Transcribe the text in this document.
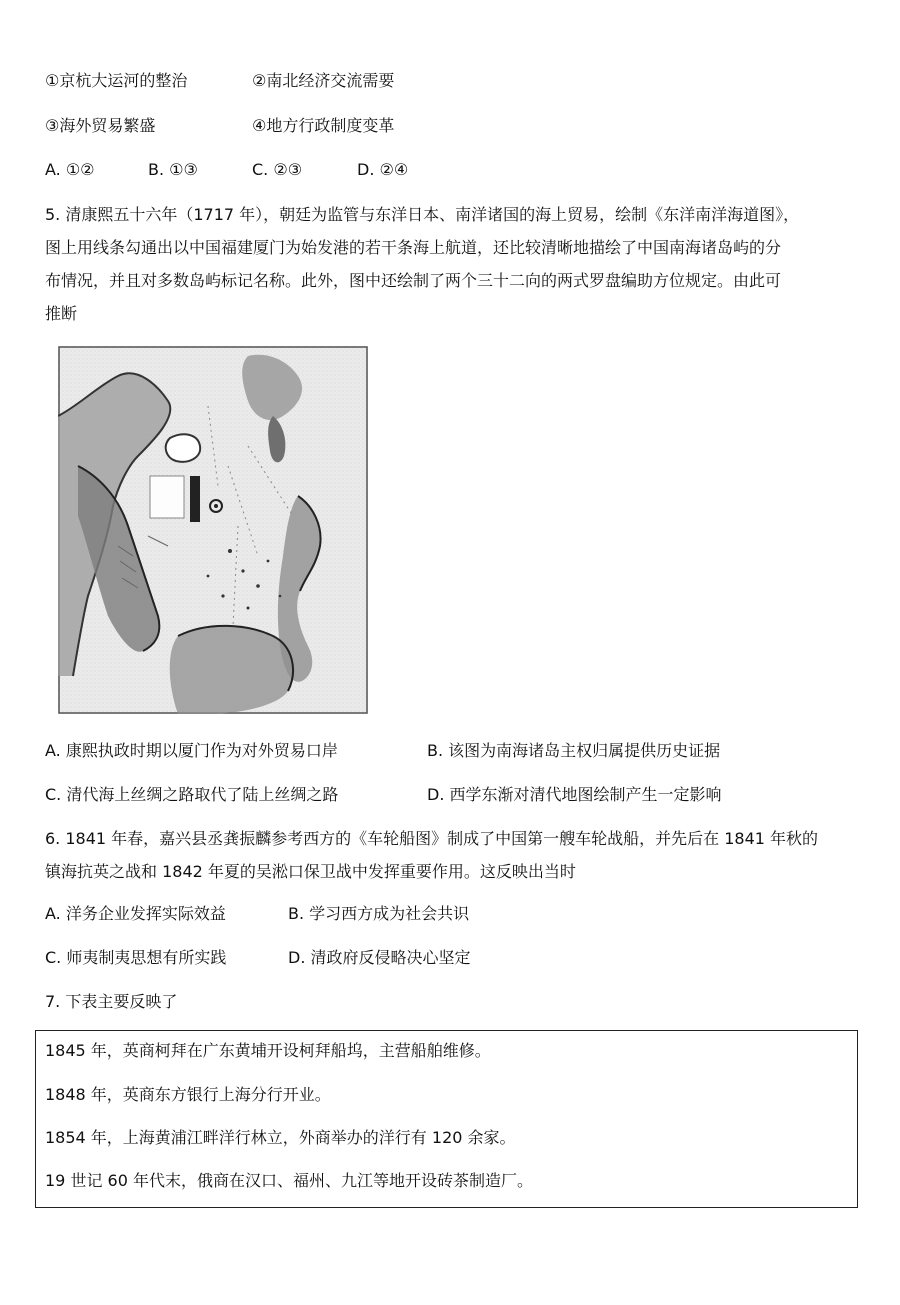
①京杭大运河的整治	②南北经济交流需要
③海外贸易繁盛	④地方行政制度变革
A. ①②	B. ①③	C. ②③	D. ②④
5. 清康熙五十六年（1717 年），朝廷为监管与东洋日本、南洋诸国的海上贸易，绘制《东洋南洋海道图》，
图上用线条勾通出以中国福建厦门为始发港的若干条海上航道，还比较清晰地描绘了中国南海诸岛屿的分
布情况，并且对多数岛屿标记名称。此外，图中还绘制了两个三十二向的两式罗盘编助方位规定。由此可
推断
A. 康熙执政时期以厦门作为对外贸易口岸	B. 该图为南海诸岛主权归属提供历史证据
C. 清代海上丝绸之路取代了陆上丝绸之路	D. 西学东渐对清代地图绘制产生一定影响
6. 1841 年春，嘉兴县丞龚振麟参考西方的《车轮船图》制成了中国第一艘车轮战船，并先后在 1841 年秋的
镇海抗英之战和 1842 年夏的吴淞口保卫战中发挥重要作用。这反映出当时
A. 洋务企业发挥实际效益	B. 学习西方成为社会共识
C. 师夷制夷思想有所实践	D. 清政府反侵略决心坚定
7. 下表主要反映了
1845 年，英商柯拜在广东黄埔开设柯拜船坞，主营船舶维修。
1848 年，英商东方银行上海分行开业。
1854 年，上海黄浦江畔洋行林立，外商举办的洋行有 120 余家。
19 世记 60 年代末，俄商在汉口、福州、九江等地开设砖茶制造厂。
